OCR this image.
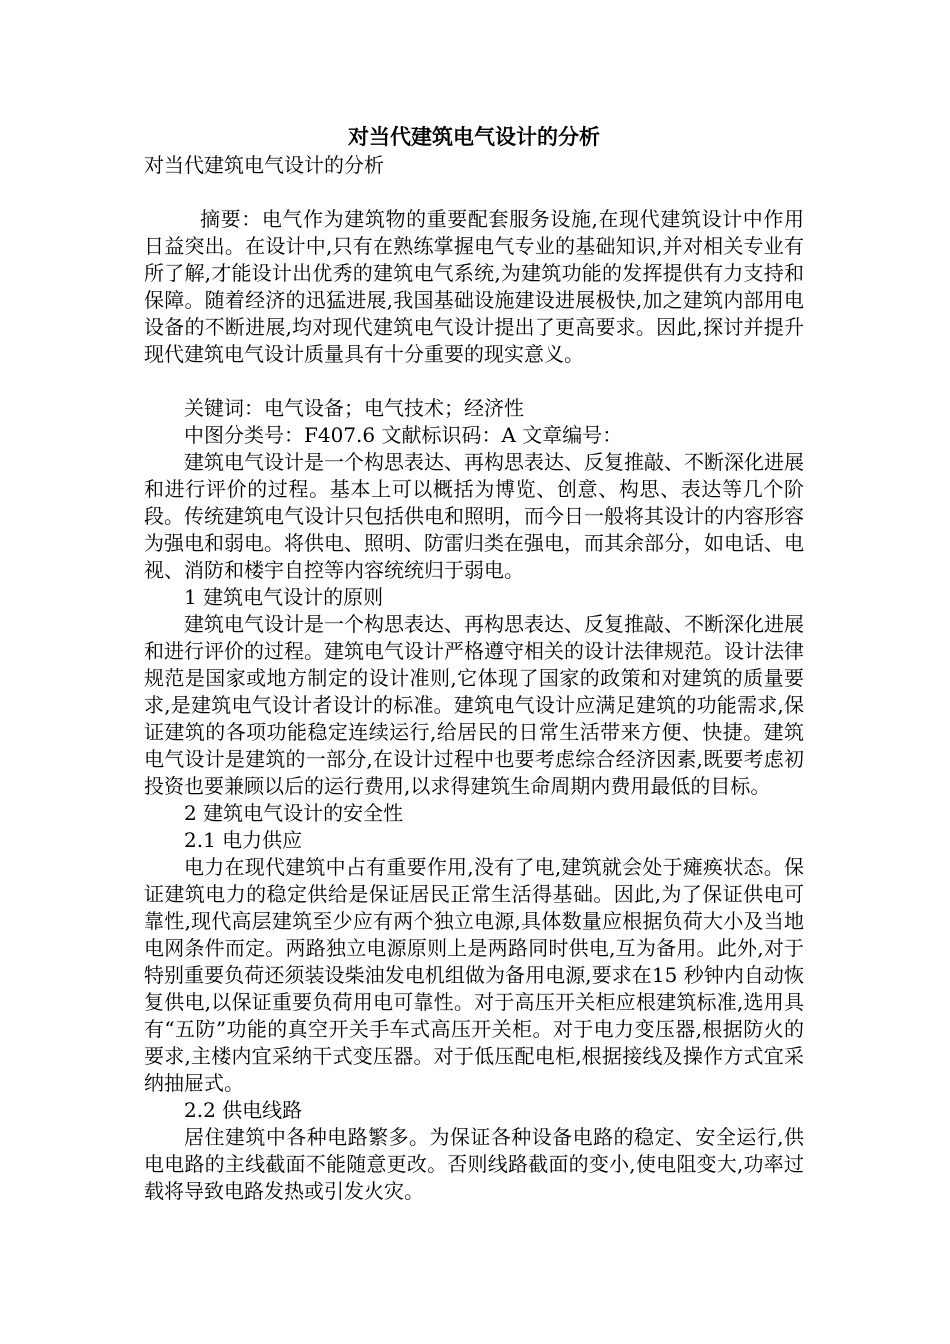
对当代建筑电气设计的分析

对当代建筑电气设计的分析

摘要：电气作为建筑物的重要配套服务设施,在现代建筑设计中作用日益突出。在设计中,只有在熟练掌握电气专业的基础知识,并对相关专业有所了解,才能设计出优秀的建筑电气系统,为建筑功能的发挥提供有力支持和保障。随着经济的迅猛进展,我国基础设施建设进展极快,加之建筑内部用电设备的不断进展,均对现代建筑电气设计提出了更高要求。因此,探讨并提升现代建筑电气设计质量具有十分重要的现实意义。

关键词：电气设备；电气技术；经济性

中图分类号：F407.6 文献标识码：A 文章编号：

建筑电气设计是一个构思表达、再构思表达、反复推敲、不断深化进展和进行评价的过程。基本上可以概括为博览、创意、构思、表达等几个阶段。传统建筑电气设计只包括供电和照明，而今日一般将其设计的内容形容为强电和弱电。将供电、照明、防雷归类在强电，而其余部分，如电话、电视、消防和楼宇自控等内容统统归于弱电。

1 建筑电气设计的原则

建筑电气设计是一个构思表达、再构思表达、反复推敲、不断深化进展和进行评价的过程。建筑电气设计严格遵守相关的设计法律规范。设计法律规范是国家或地方制定的设计准则,它体现了国家的政策和对建筑的质量要求,是建筑电气设计者设计的标准。建筑电气设计应满足建筑的功能需求,保证建筑的各项功能稳定连续运行,给居民的日常生活带来方便、快捷。建筑电气设计是建筑的一部分,在设计过程中也要考虑综合经济因素,既要考虑初投资也要兼顾以后的运行费用,以求得建筑生命周期内费用最低的目标。

2 建筑电气设计的安全性

2.1 电力供应

电力在现代建筑中占有重要作用,没有了电,建筑就会处于瘫痪状态。保证建筑电力的稳定供给是保证居民正常生活得基础。因此,为了保证供电可靠性,现代高层建筑至少应有两个独立电源,具体数量应根据负荷大小及当地电网条件而定。两路独立电源原则上是两路同时供电,互为备用。此外,对于特别重要负荷还须装设柴油发电机组做为备用电源,要求在15 秒钟内自动恢复供电,以保证重要负荷用电可靠性。对于高压开关柜应根建筑标准,选用具有“五防”功能的真空开关手车式高压开关柜。对于电力变压器,根据防火的要求,主楼内宜采纳干式变压器。对于低压配电柜,根据接线及操作方式宜采纳抽屉式。

2.2 供电线路

居住建筑中各种电路繁多。为保证各种设备电路的稳定、安全运行,供电电路的主线截面不能随意更改。否则线路截面的变小,使电阻变大,功率过载将导致电路发热或引发火灾。
